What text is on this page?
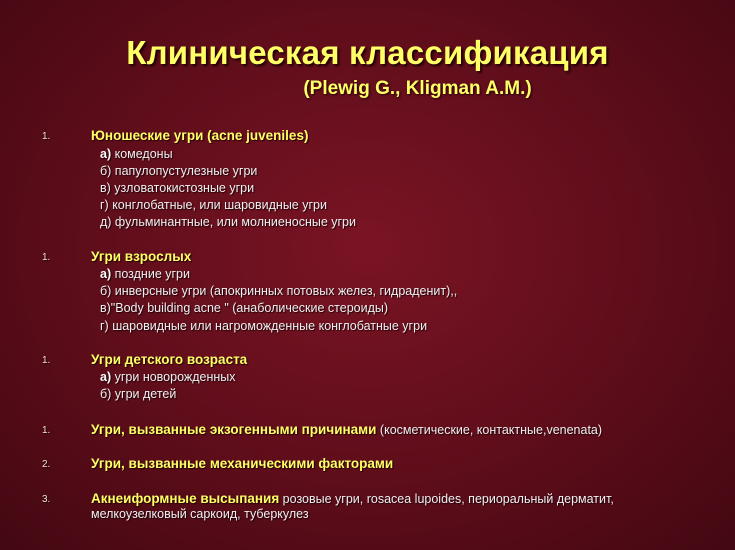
Клиническая классификация
(Plewig G., Kligman A.M.)
1.	Юношеские угри (acne juveniles)
а) комедоны
б) папулопустулезные угри
в) узловатокистозные угри
г) конглобатные, или шаровидные угри
д) фульминантные, или молниеносные угри
1.	Угри взрослых
а) поздние угри
б) инверсные угри (апокринных потовых желез, гидраденит),,
в)"Body building acne " (анаболические стероиды)
г) шаровидные или нагроможденные конглобатные угри
1.	Угри детского возраста
а) угри новорожденных
б) угри детей
1.	Угри, вызванные экзогенными причинами (косметические, контактные,venenata)
2.	Угри, вызванные механическими факторами
3.	Акнеиформные высыпания розовые угри, rosacea lupoides, периоральный дерматит,
мелкоузелковый саркоид, туберкулез
